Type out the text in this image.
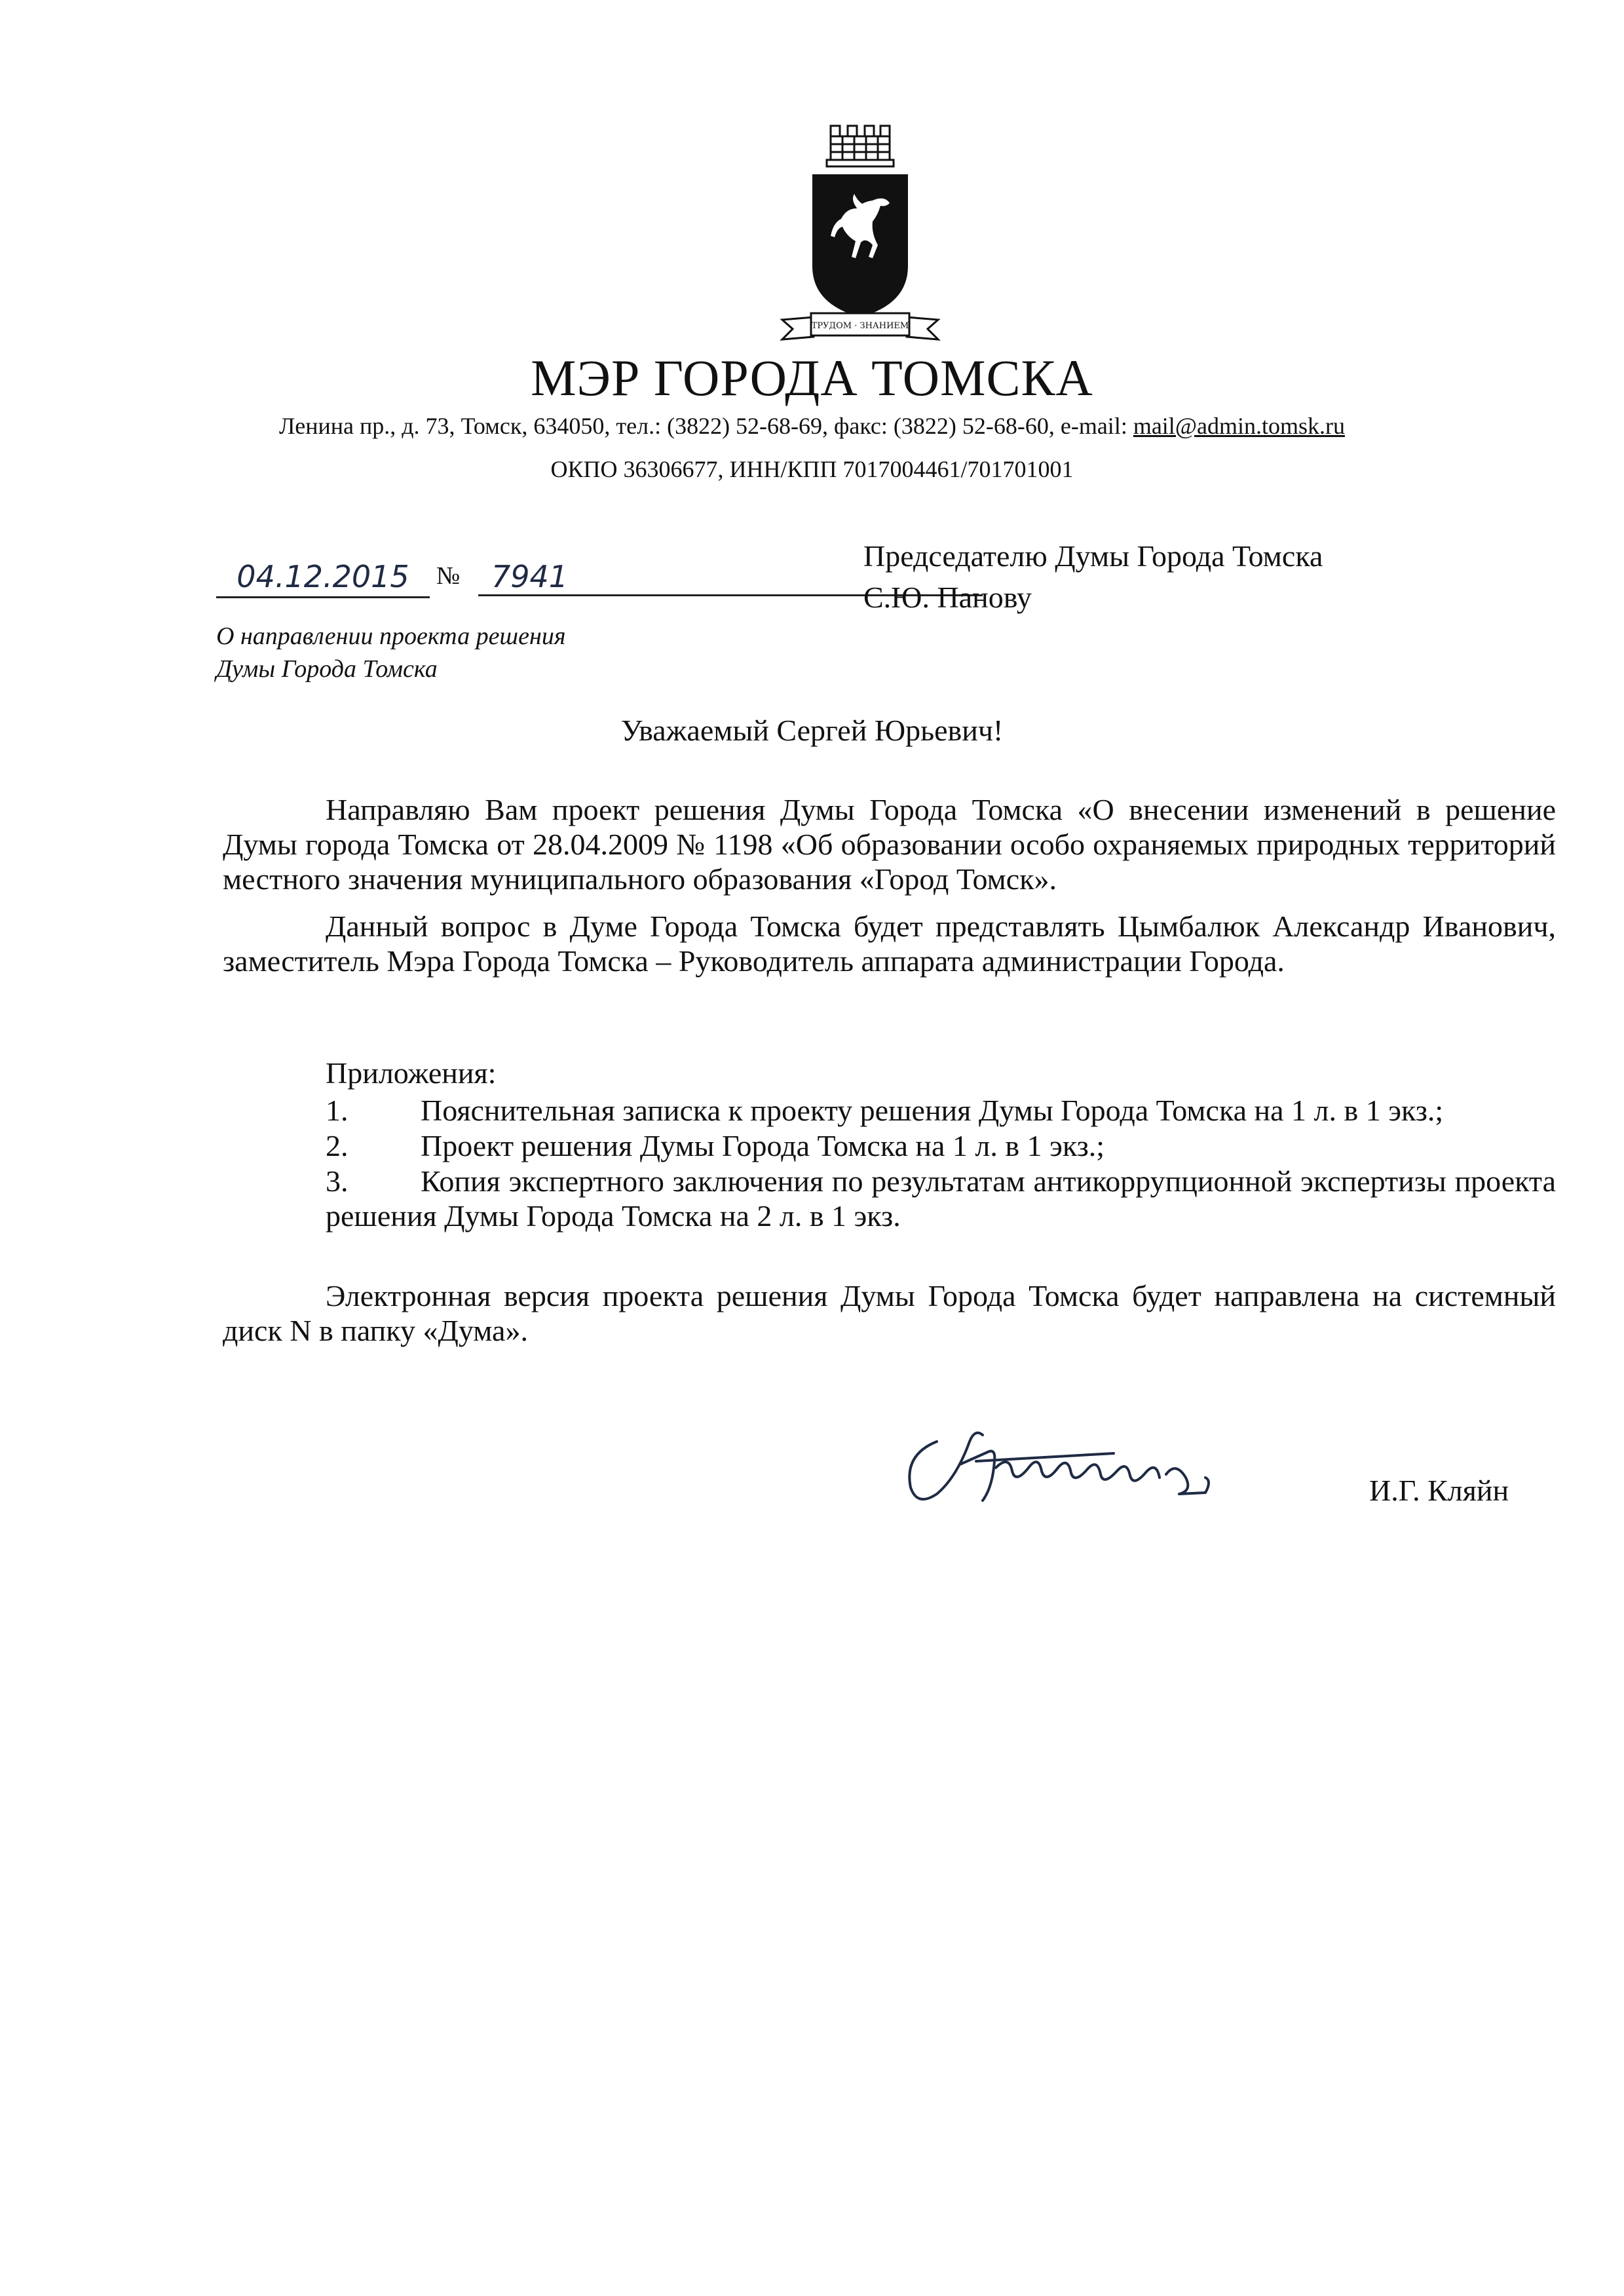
ТРУДОМ · ЗНАНИЕМ
МЭР ГОРОДА ТОМСКА
Ленина пр., д. 73, Томск, 634050, тел.: (3822) 52-68-69, факс: (3822) 52-68-60, e-mail: mail@admin.tomsk.ru
ОКПО 36306677, ИНН/КПП 7017004461/701701001
04.12.2015	№	7941
Председателю Думы Города Томска
С.Ю. Панову
О направлении проекта решения
Думы Города Томска
Уважаемый Сергей Юрьевич!

Направляю Вам проект решения Думы Города Томска «О внесении изменений в решение Думы города Томска от 28.04.2009 № 1198 «Об образовании особо охраняемых природных территорий местного значения муниципального образования «Город Томск».

Данный вопрос в Думе Города Томска будет представлять Цымбалюк Александр Иванович, заместитель Мэра Города Томска – Руководитель аппарата администрации Города.

Приложения:
1.	Пояснительная записка к проекту решения Думы Города Томска на 1 л. в 1 экз.;
2.	Проект решения Думы Города Томска на 1 л. в 1 экз.;
3.	Копия экспертного заключения по результатам антикоррупционной экспертизы проекта решения Думы Города Томска на 2 л. в 1 экз.

Электронная версия проекта решения Думы Города Томска будет направлена на системный диск N в папку «Дума».

И.Г. Кляйн
